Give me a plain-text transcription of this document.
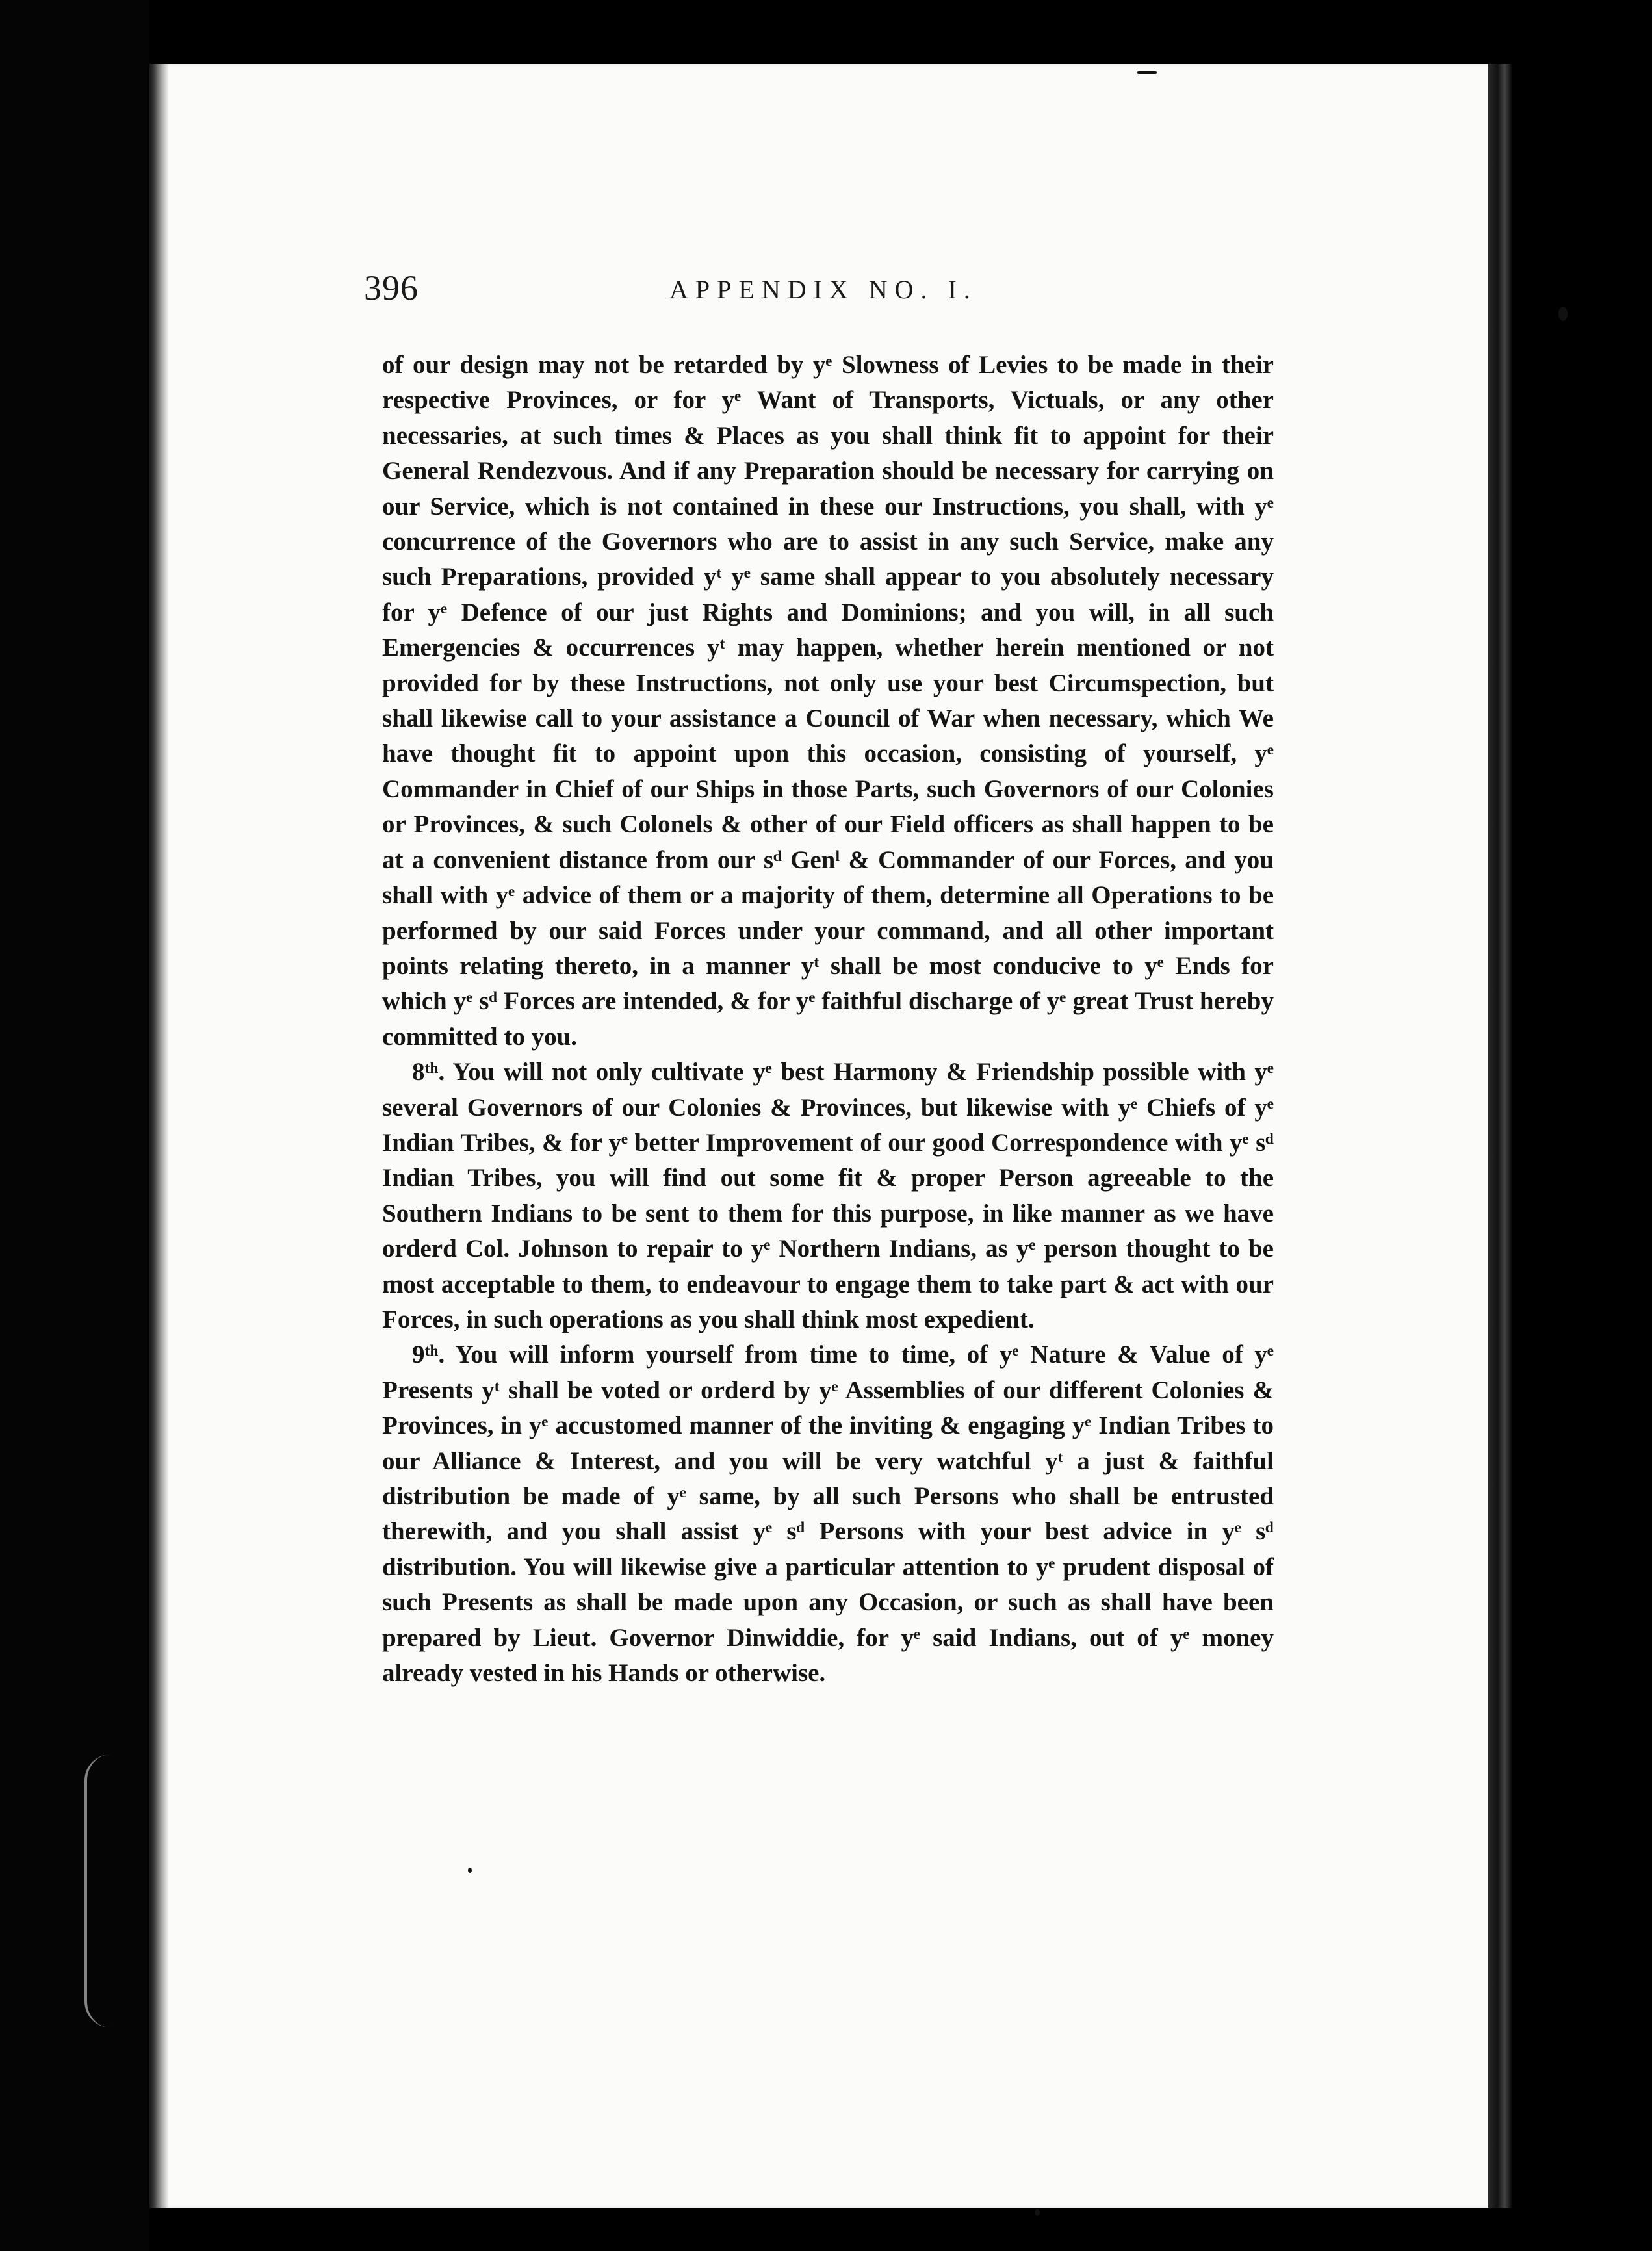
396	APPENDIX NO. I.

of our design may not be retarded by yᵉ Slowness of Levies to be made in their respective Provinces, or for yᵉ Want of Transports, Victuals, or any other necessaries, at such times & Places as you shall think fit to appoint for their General Rendezvous. And if any Preparation should be necessary for carrying on our Service, which is not contained in these our Instructions, you shall, with yᵉ concurrence of the Governors who are to assist in any such Service, make any such Preparations, provided yᵗ yᵉ same shall appear to you absolutely necessary for yᵉ Defence of our just Rights and Dominions; and you will, in all such Emergencies & occurrences yᵗ may happen, whether herein mentioned or not provided for by these Instructions, not only use your best Circumspection, but shall likewise call to your assistance a Council of War when necessary, which We have thought fit to appoint upon this occasion, consisting of yourself, yᵉ Commander in Chief of our Ships in those Parts, such Governors of our Colonies or Provinces, & such Colonels & other of our Field officers as shall happen to be at a convenient distance from our sᵈ Genˡ & Commander of our Forces, and you shall with yᵉ advice of them or a majority of them, determine all Operations to be performed by our said Forces under your command, and all other important points relating thereto, in a manner yᵗ shall be most conducive to yᵉ Ends for which yᵉ sᵈ Forces are intended, & for yᵉ faithful discharge of yᵉ great Trust hereby committed to you.

8ᵗʰ. You will not only cultivate yᵉ best Harmony & Friendship possible with yᵉ several Governors of our Colonies & Provinces, but likewise with yᵉ Chiefs of yᵉ Indian Tribes, & for yᵉ better Improvement of our good Correspondence with yᵉ sᵈ Indian Tribes, you will find out some fit & proper Person agreeable to the Southern Indians to be sent to them for this purpose, in like manner as we have orderd Col. Johnson to repair to yᵉ Northern Indians, as yᵉ person thought to be most acceptable to them, to endeavour to engage them to take part & act with our Forces, in such operations as you shall think most expedient.

9ᵗʰ. You will inform yourself from time to time, of yᵉ Nature & Value of yᵉ Presents yᵗ shall be voted or orderd by yᵉ Assemblies of our different Colonies & Provinces, in yᵉ accustomed manner of the inviting & engaging yᵉ Indian Tribes to our Alliance & Interest, and you will be very watchful yᵗ a just & faithful distribution be made of yᵉ same, by all such Persons who shall be entrusted therewith, and you shall assist yᵉ sᵈ Persons with your best advice in yᵉ sᵈ distribution. You will likewise give a particular attention to yᵉ prudent disposal of such Presents as shall be made upon any Occasion, or such as shall have been prepared by Lieut. Governor Dinwiddie, for yᵉ said Indians, out of yᵉ money already vested in his Hands or otherwise.
